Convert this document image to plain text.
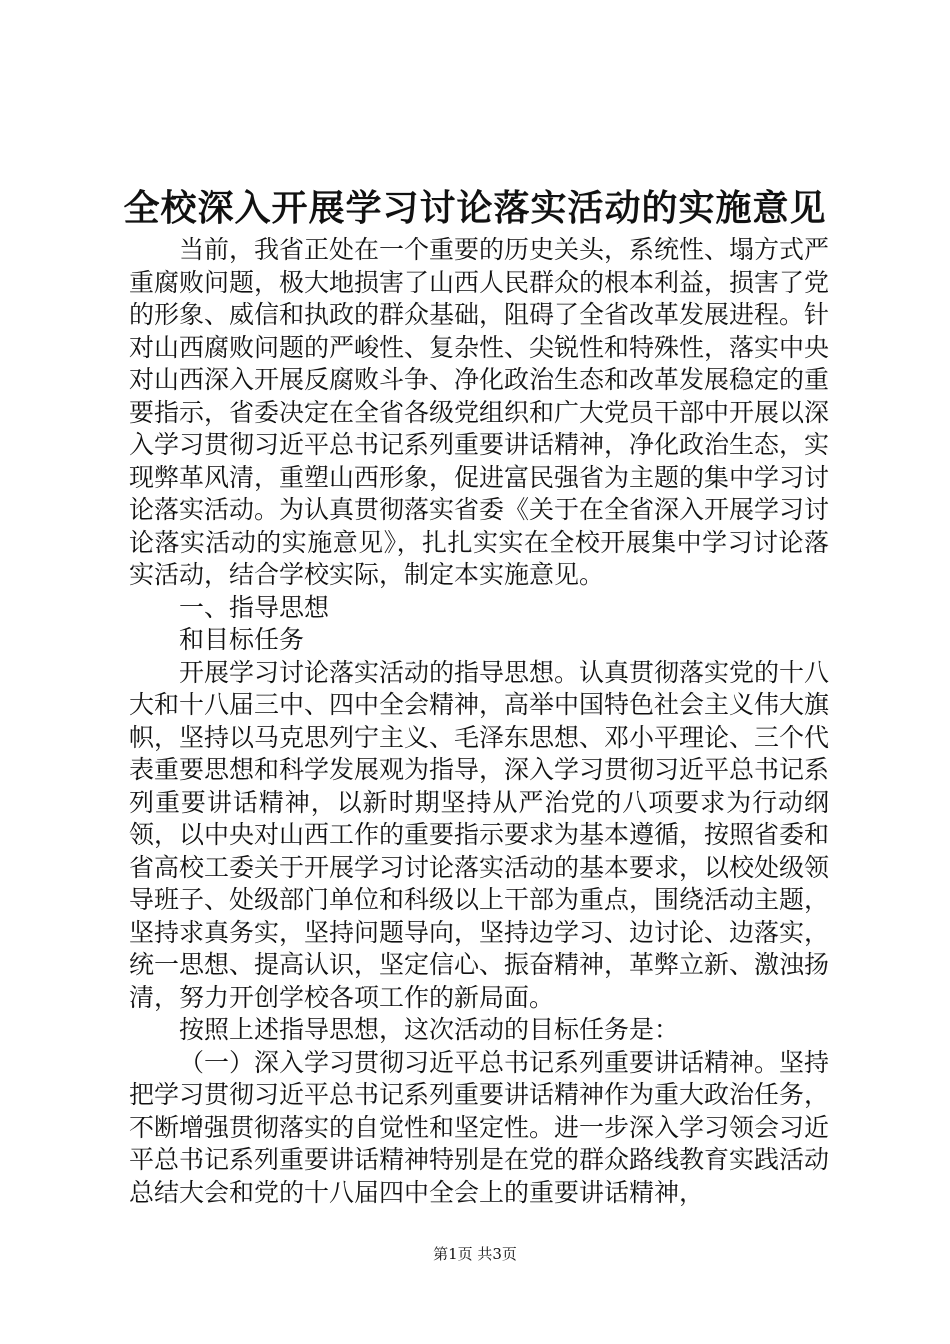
全校深入开展学习讨论落实活动的实施意见

当前，我省正处在一个重要的历史关头，系统性、塌方式严重腐败问题，极大地损害了山西人民群众的根本利益，损害了党的形象、威信和执政的群众基础，阻碍了全省改革发展进程。针对山西腐败问题的严峻性、复杂性、尖锐性和特殊性，落实中央对山西深入开展反腐败斗争、净化政治生态和改革发展稳定的重要指示，省委决定在全省各级党组织和广大党员干部中开展以深入学习贯彻习近平总书记系列重要讲话精神，净化政治生态，实现弊革风清，重塑山西形象，促进富民强省为主题的集中学习讨论落实活动。为认真贯彻落实省委《关于在全省深入开展学习讨论落实活动的实施意见》，扎扎实实在全校开展集中学习讨论落实活动，结合学校实际，制定本实施意见。

一、指导思想

和目标任务

开展学习讨论落实活动的指导思想。认真贯彻落实党的十八大和十八届三中、四中全会精神，高举中国特色社会主义伟大旗帜，坚持以马克思列宁主义、毛泽东思想、邓小平理论、三个代表重要思想和科学发展观为指导，深入学习贯彻习近平总书记系列重要讲话精神，以新时期坚持从严治党的八项要求为行动纲领，以中央对山西工作的重要指示要求为基本遵循，按照省委和省高校工委关于开展学习讨论落实活动的基本要求，以校处级领导班子、处级部门单位和科级以上干部为重点，围绕活动主题，坚持求真务实，坚持问题导向，坚持边学习、边讨论、边落实，统一思想、提高认识，坚定信心、振奋精神，革弊立新、激浊扬清，努力开创学校各项工作的新局面。

按照上述指导思想，这次活动的目标任务是：

（一）深入学习贯彻习近平总书记系列重要讲话精神。坚持把学习贯彻习近平总书记系列重要讲话精神作为重大政治任务，不断增强贯彻落实的自觉性和坚定性。进一步深入学习领会习近平总书记系列重要讲话精神特别是在党的群众路线教育实践活动总结大会和党的十八届四中全会上的重要讲话精神，

第1页 共3页
